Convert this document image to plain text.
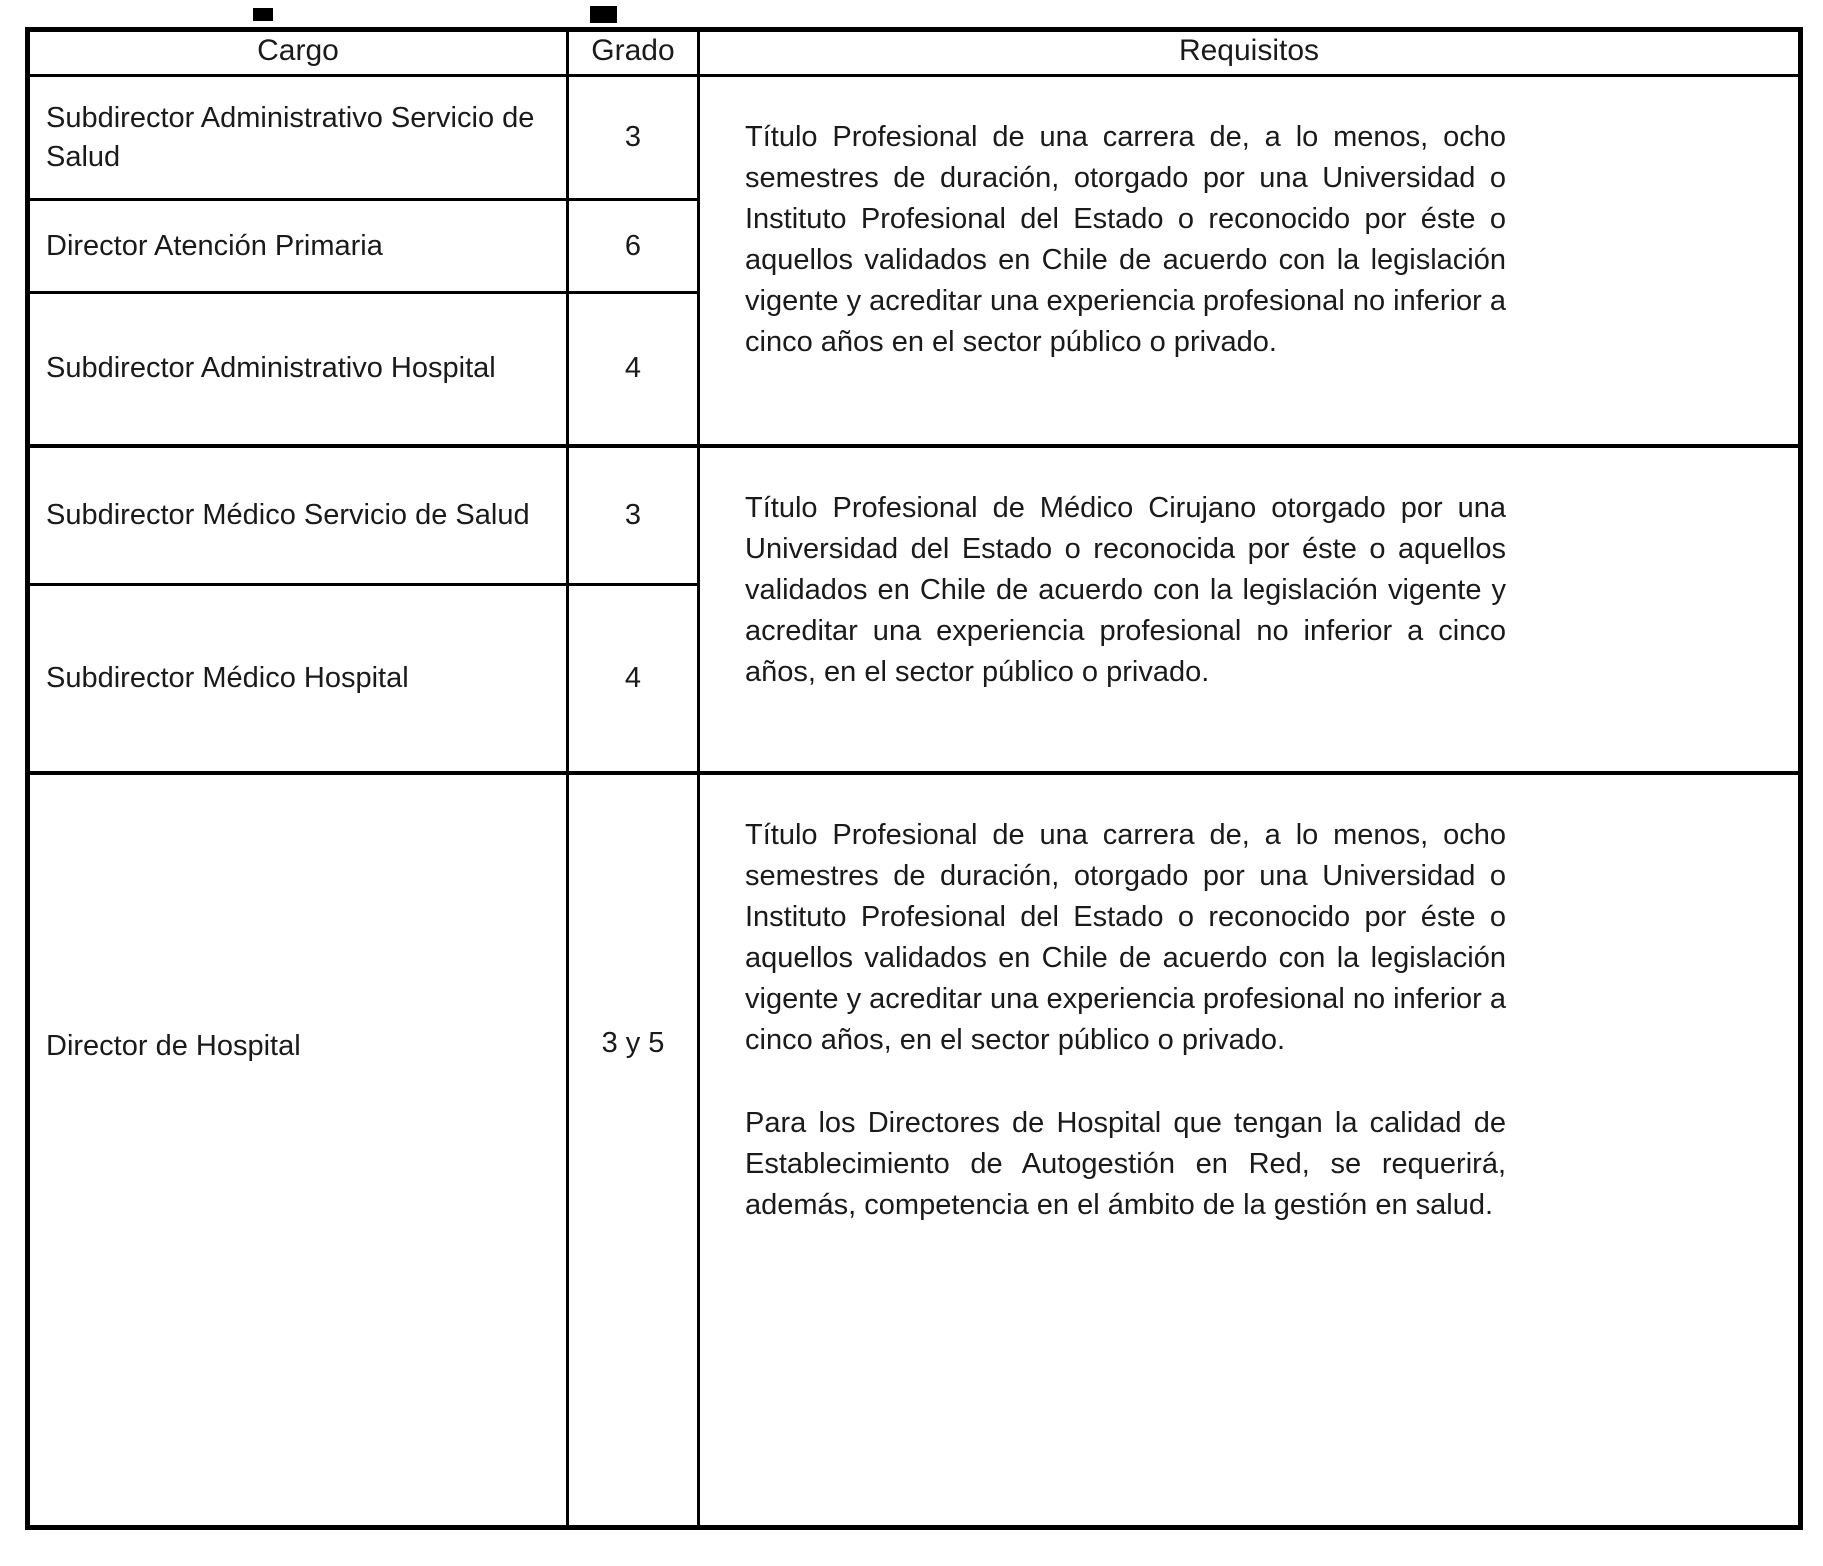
Cargo	Grado	Requisitos
Subdirector Administrativo Servicio de Salud	3	Título Profesional de una carrera de, a lo menos, ocho semestres de duración, otorgado por una Universidad o Instituto Profesional del Estado o reconocido por éste o aquellos validados en Chile de acuerdo con la legislación vigente y acreditar una experiencia profesional no inferior a cinco años en el sector público o privado.

Director Atención Primaria	6	
Subdirector Administrativo Hospital	4	
Subdirector Médico Servicio de Salud	3	Título Profesional de Médico Cirujano otorgado por una Universidad del Estado o reconocida por éste o aquellos validados en Chile de acuerdo con la legislación vigente y acreditar una experiencia profesional no inferior a cinco años, en el sector público o privado.

Subdirector Médico Hospital	4	
Director de Hospital	3 y 5	Título Profesional de una carrera de, a lo menos, ocho semestres de duración, otorgado por una Universidad o Instituto Profesional del Estado o reconocido por éste o aquellos validados en Chile de acuerdo con la legislación vigente y acreditar una experiencia profesional no inferior a cinco años, en el sector público o privado.

Para los Directores de Hospital que tengan la calidad de Establecimiento de Autogestión en Red, se requerirá, además, competencia en el ámbito de la gestión en salud.
